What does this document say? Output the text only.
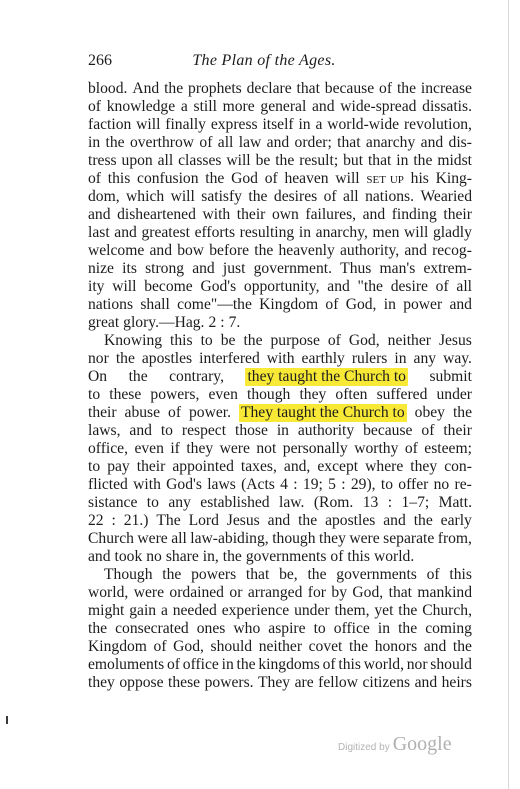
266	The Plan of the Ages.
blood. And the prophets declare that because of the increase
of knowledge a still more general and wide-spread dissatis.
faction will finally express itself in a world-wide revolution,
in the overthrow of all law and order; that anarchy and dis-
tress upon all classes will be the result; but that in the midst
of this confusion the God of heaven will set up his King-
dom, which will satisfy the desires of all nations. Wearied
and disheartened with their own failures, and finding their
last and greatest efforts resulting in anarchy, men will gladly
welcome and bow before the heavenly authority, and recog-
nize its strong and just government. Thus man's extrem-
ity will become God's opportunity, and "the desire of all
nations shall come"—the Kingdom of God, in power and
great glory.—Hag. 2 : 7.
Knowing this to be the purpose of God, neither Jesus
nor the apostles interfered with earthly rulers in any way.
On the contrary, they taught the Church to submit
to these powers, even though they often suffered under
their abuse of power. They taught the Church to obey the
laws, and to respect those in authority because of their
office, even if they were not personally worthy of esteem;
to pay their appointed taxes, and, except where they con-
flicted with God's laws (Acts 4 : 19; 5 : 29), to offer no re-
sistance to any established law. (Rom. 13 : 1–7; Matt.
22 : 21.) The Lord Jesus and the apostles and the early
Church were all law-abiding, though they were separate from,
and took no share in, the governments of this world.
Though the powers that be, the governments of this
world, were ordained or arranged for by God, that mankind
might gain a needed experience under them, yet the Church,
the consecrated ones who aspire to office in the coming
Kingdom of God, should neither covet the honors and the
emoluments of office in the kingdoms of this world, nor should
they oppose these powers. They are fellow citizens and heirs
Digitized by Google
